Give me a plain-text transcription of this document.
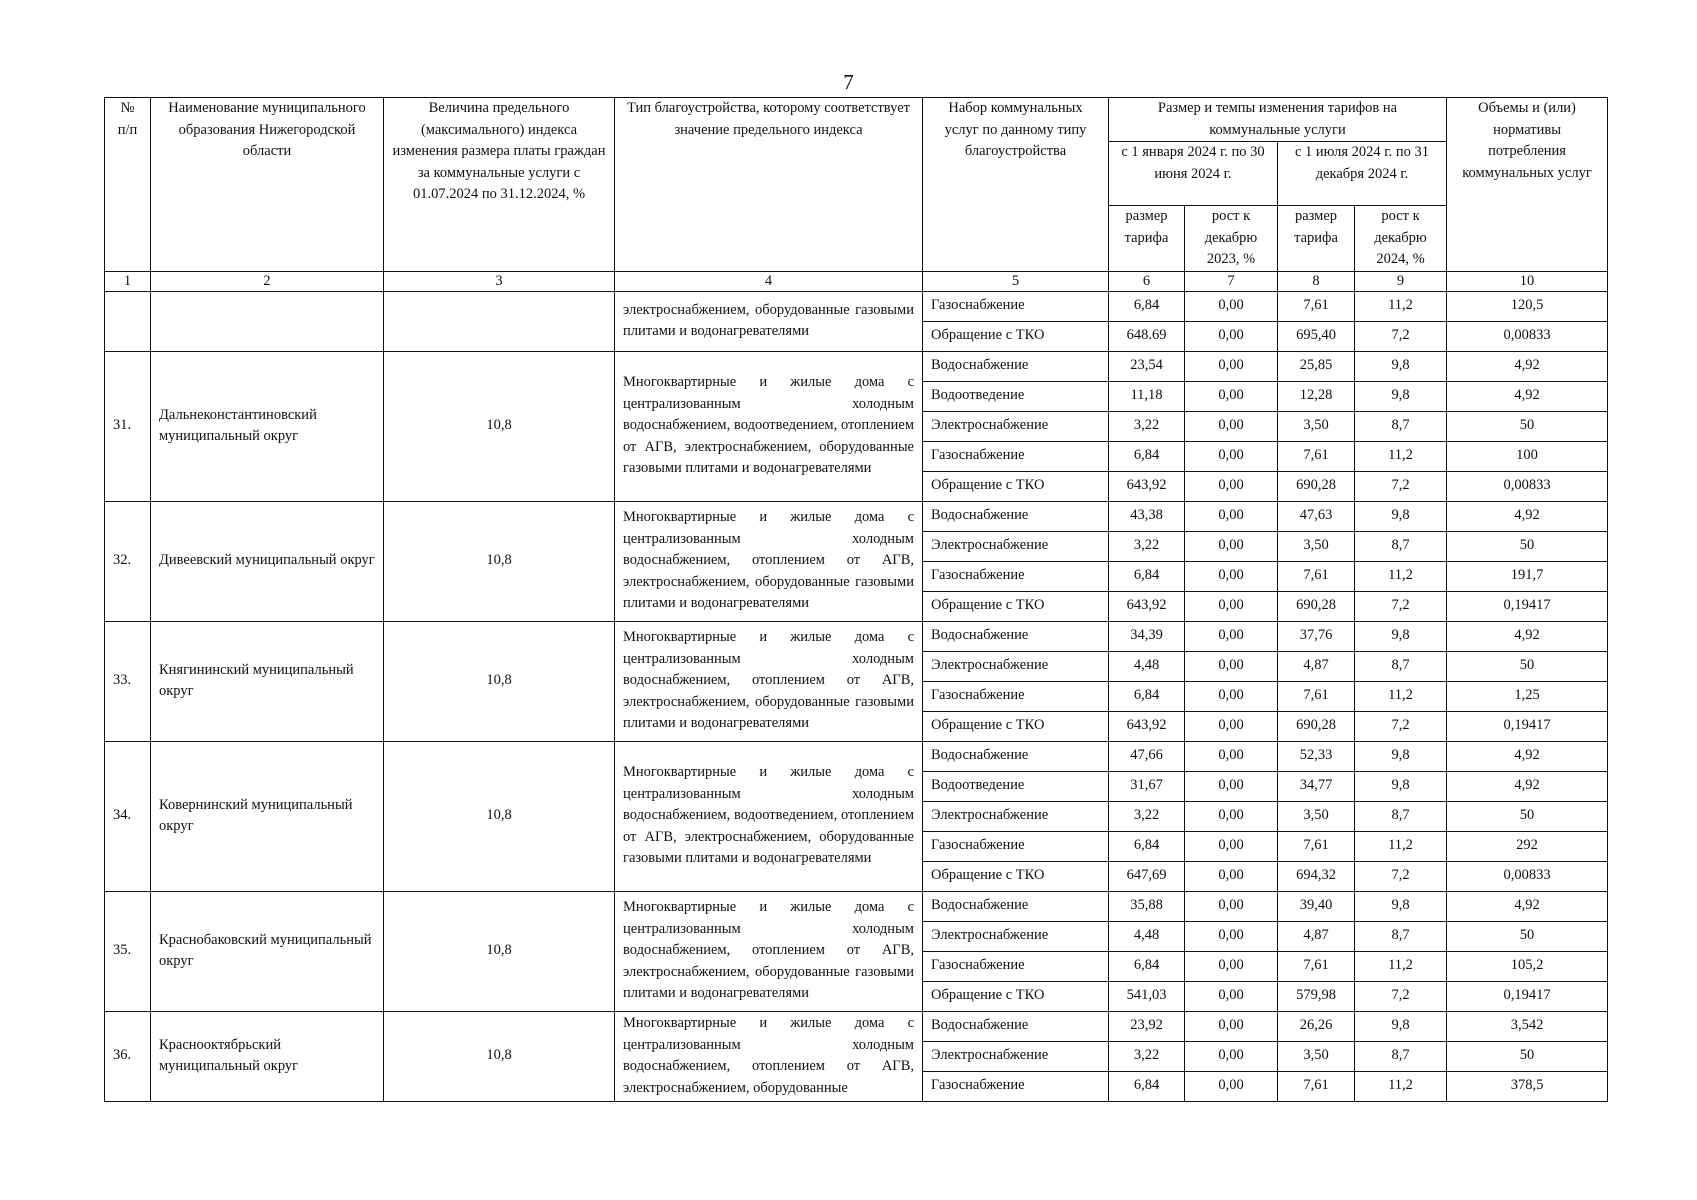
7
№ п/п	Наименование муниципального образования Нижегородской области	Величина предельного (максимального) индекса изменения размера платы граждан за коммунальные услуги с 01.07.2024 по 31.12.2024, %	Тип благоустройства, которому соответствует значение предельного индекса	Набор коммунальных услуг по данному типу благоустройства	Размер и темпы изменения тарифов на коммунальные услуги				Объемы и (или) нормативы потребления коммунальных услуг
					с 1 января 2024 г. по 30 июня 2024 г.		с 1 июля 2024 г. по 31 декабря 2024 г.		
					размер тарифа	рост к декабрю 2023, %	размер тарифа	рост к декабрю 2024, %	
1	2	3	4	5	6	7	8	9	10
			электроснабжением, оборудованные газовыми плитами и водонагревателями	Газоснабжение	6,84	0,00	7,61	11,2	120,5
				Обращение с ТКО	648.69	0,00	695,40	7,2	0,00833
31.	Дальнеконстантиновский муниципальный округ	10,8	Многоквартирные и жилые дома с централизованным холодным водоснабжением, водоотведением, отоплением от АГВ, электроснабжением, оборудованные газовыми плитами и водонагревателями	Водоснабжение	23,54	0,00	25,85	9,8	4,92
				Водоотведение	11,18	0,00	12,28	9,8	4,92
				Электроснабжение	3,22	0,00	3,50	8,7	50
				Газоснабжение	6,84	0,00	7,61	11,2	100
				Обращение с ТКО	643,92	0,00	690,28	7,2	0,00833
32.	Дивеевский муниципальный округ	10,8	Многоквартирные и жилые дома с централизованным холодным водоснабжением, отоплением от АГВ, электроснабжением, оборудованные газовыми плитами и водонагревателями	Водоснабжение	43,38	0,00	47,63	9,8	4,92
				Электроснабжение	3,22	0,00	3,50	8,7	50
				Газоснабжение	6,84	0,00	7,61	11,2	191,7
				Обращение с ТКО	643,92	0,00	690,28	7,2	0,19417
33.	Княгининский муниципальный округ	10,8	Многоквартирные и жилые дома с централизованным холодным водоснабжением, отоплением от АГВ, электроснабжением, оборудованные газовыми плитами и водонагревателями	Водоснабжение	34,39	0,00	37,76	9,8	4,92
				Электроснабжение	4,48	0,00	4,87	8,7	50
				Газоснабжение	6,84	0,00	7,61	11,2	1,25
				Обращение с ТКО	643,92	0,00	690,28	7,2	0,19417
34.	Ковернинский муниципальный округ	10,8	Многоквартирные и жилые дома с централизованным холодным водоснабжением, водоотведением, отоплением от АГВ, электроснабжением, оборудованные газовыми плитами и водонагревателями	Водоснабжение	47,66	0,00	52,33	9,8	4,92
				Водоотведение	31,67	0,00	34,77	9,8	4,92
				Электроснабжение	3,22	0,00	3,50	8,7	50
				Газоснабжение	6,84	0,00	7,61	11,2	292
				Обращение с ТКО	647,69	0,00	694,32	7,2	0,00833
35.	Краснобаковский муниципальный округ	10,8	Многоквартирные и жилые дома с централизованным холодным водоснабжением, отоплением от АГВ, электроснабжением, оборудованные газовыми плитами и водонагревателями	Водоснабжение	35,88	0,00	39,40	9,8	4,92
				Электроснабжение	4,48	0,00	4,87	8,7	50
				Газоснабжение	6,84	0,00	7,61	11,2	105,2
				Обращение с ТКО	541,03	0,00	579,98	7,2	0,19417
36.	Краснооктябрьский муниципальный округ	10,8	Многоквартирные и жилые дома с централизованным холодным водоснабжением, отоплением от АГВ, электроснабжением, оборудованные	Водоснабжение	23,92	0,00	26,26	9,8	3,542
				Электроснабжение	3,22	0,00	3,50	8,7	50
				Газоснабжение	6,84	0,00	7,61	11,2	378,5
